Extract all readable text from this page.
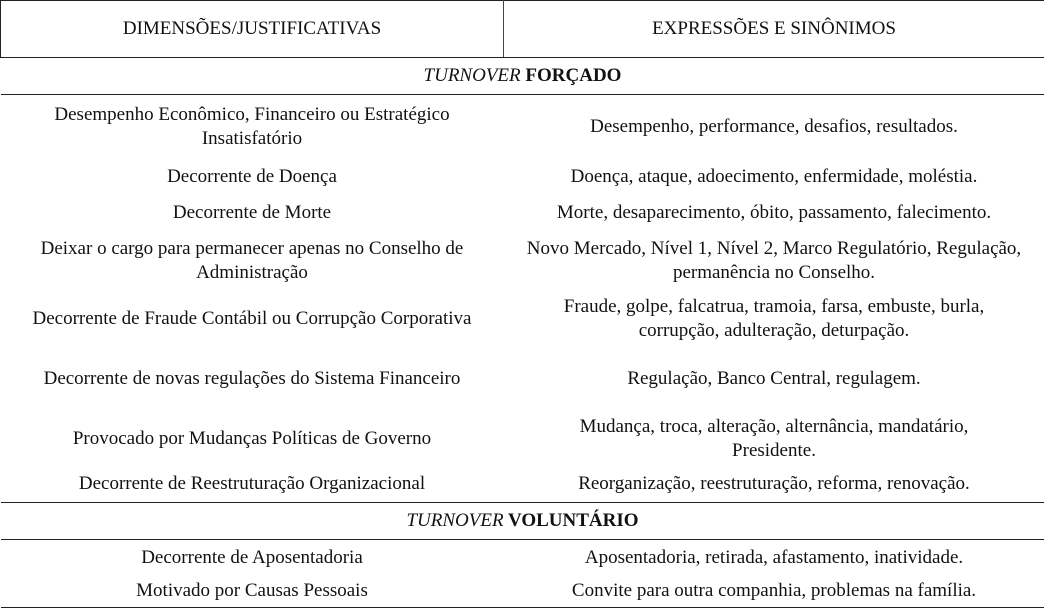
DIMENSÕES/JUSTIFICATIVAS	EXPRESSÕES E SINÔNIMOS
TURNOVER FORÇADO	
Desempenho Econômico, Financeiro ou Estratégico Insatisfatório	Desempenho, performance, desafios, resultados.
Decorrente de Doença	Doença, ataque, adoecimento, enfermidade, moléstia.
Decorrente de Morte	Morte, desaparecimento, óbito, passamento, falecimento.
Deixar o cargo para permanecer apenas no Conselho de Administração	Novo Mercado, Nível 1, Nível 2, Marco Regulatório, Regulação, permanência no Conselho.
Decorrente de Fraude Contábil ou Corrupção Corporativa	Fraude, golpe, falcatrua, tramoia, farsa, embuste, burla, corrupção, adulteração, deturpação.
Decorrente de novas regulações do Sistema Financeiro	Regulação, Banco Central, regulagem.
Provocado por Mudanças Políticas de Governo	Mudança, troca, alteração, alternância, mandatário, Presidente.
Decorrente de Reestruturação Organizacional	Reorganização, reestruturação, reforma, renovação.
TURNOVER VOLUNTÁRIO	
Decorrente de Aposentadoria	Aposentadoria, retirada, afastamento, inatividade.
Motivado por Causas Pessoais	Convite para outra companhia, problemas na família.
